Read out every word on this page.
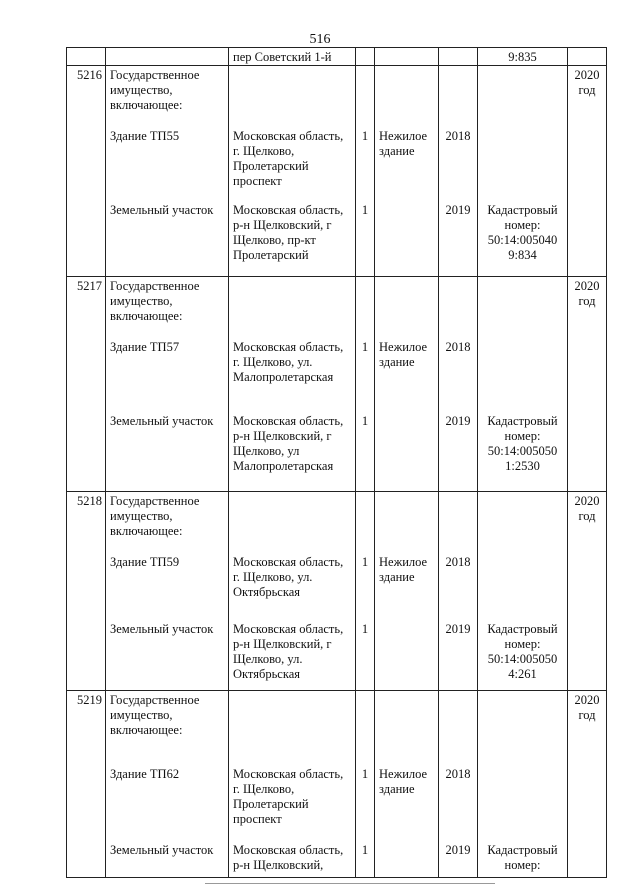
516
		пер Советский 1-й				9:835	
5216	Государственное имущество, включающее:						2020 год
	Здание ТП55	Московская область, г. Щелково, Пролетарский проспект	1	Нежилое здание	2018		
	Земельный участок	Московская область, р-н Щелковский, г Щелково, пр-кт Пролетарский	1		2019	Кадастровый номер: 50:14:005040 9:834	
5217	Государственное имущество, включающее:						2020 год
	Здание ТП57	Московская область, г. Щелково, ул. Малопролетарская	1	Нежилое здание	2018		
	Земельный участок	Московская область, р-н Щелковский, г Щелково, ул Малопролетарская	1		2019	Кадастровый номер: 50:14:005050 1:2530	
5218	Государственное имущество, включающее:						2020 год
	Здание ТП59	Московская область, г. Щелково, ул. Октябрьская	1	Нежилое здание	2018		
	Земельный участок	Московская область, р-н Щелковский, г Щелково, ул. Октябрьская	1		2019	Кадастровый номер: 50:14:005050 4:261	
5219	Государственное имущество, включающее:						2020 год
	Здание ТП62	Московская область, г. Щелково, Пролетарский проспект	1	Нежилое здание	2018		
	Земельный участок	Московская область, р-н Щелковский,	1		2019	Кадастровый номер:	
